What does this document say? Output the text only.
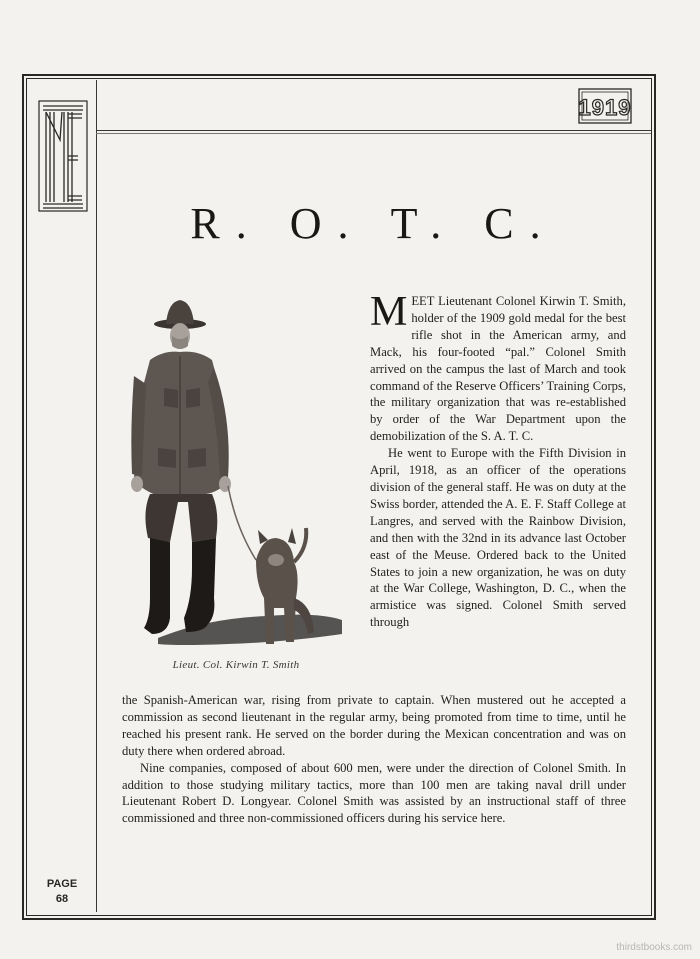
1919
R. O. T. C.
Lieut. Col. Kirwin T. Smith

MEET Lieutenant Colonel Kirwin T. Smith, holder of the 1909 gold medal for the best rifle shot in the American army, and Mack, his four-footed “pal.” Colonel Smith arrived on the campus the last of March and took command of the Reserve Officers’ Training Corps, the military organization that was re-established by order of the War Department upon the demobilization of the S. A. T. C.

He went to Europe with the Fifth Division in April, 1918, as an officer of the operations division of the general staff. He was on duty at the Swiss border, attended the A. E. F. Staff College at Langres, and served with the Rainbow Division, and then with the 32nd in its advance last October east of the Meuse. Ordered back to the United States to join a new organization, he was on duty at the War College, Washington, D. C., when the armistice was signed. Colonel Smith served through

the Spanish-American war, rising from private to captain. When mustered out he accepted a commission as second lieutenant in the regular army, being promoted from time to time, until he reached his present rank. He served on the border during the Mexican concentration and was on duty there when ordered abroad.

Nine companies, composed of about 600 men, were under the direction of Colonel Smith. In addition to those studying military tactics, more than 100 men are taking naval drill under Lieutenant Robert D. Longyear. Colonel Smith was assisted by an instructional staff of three commissioned and three non-commissioned officers during his service here.

PAGE
68
thirdstbooks.com
